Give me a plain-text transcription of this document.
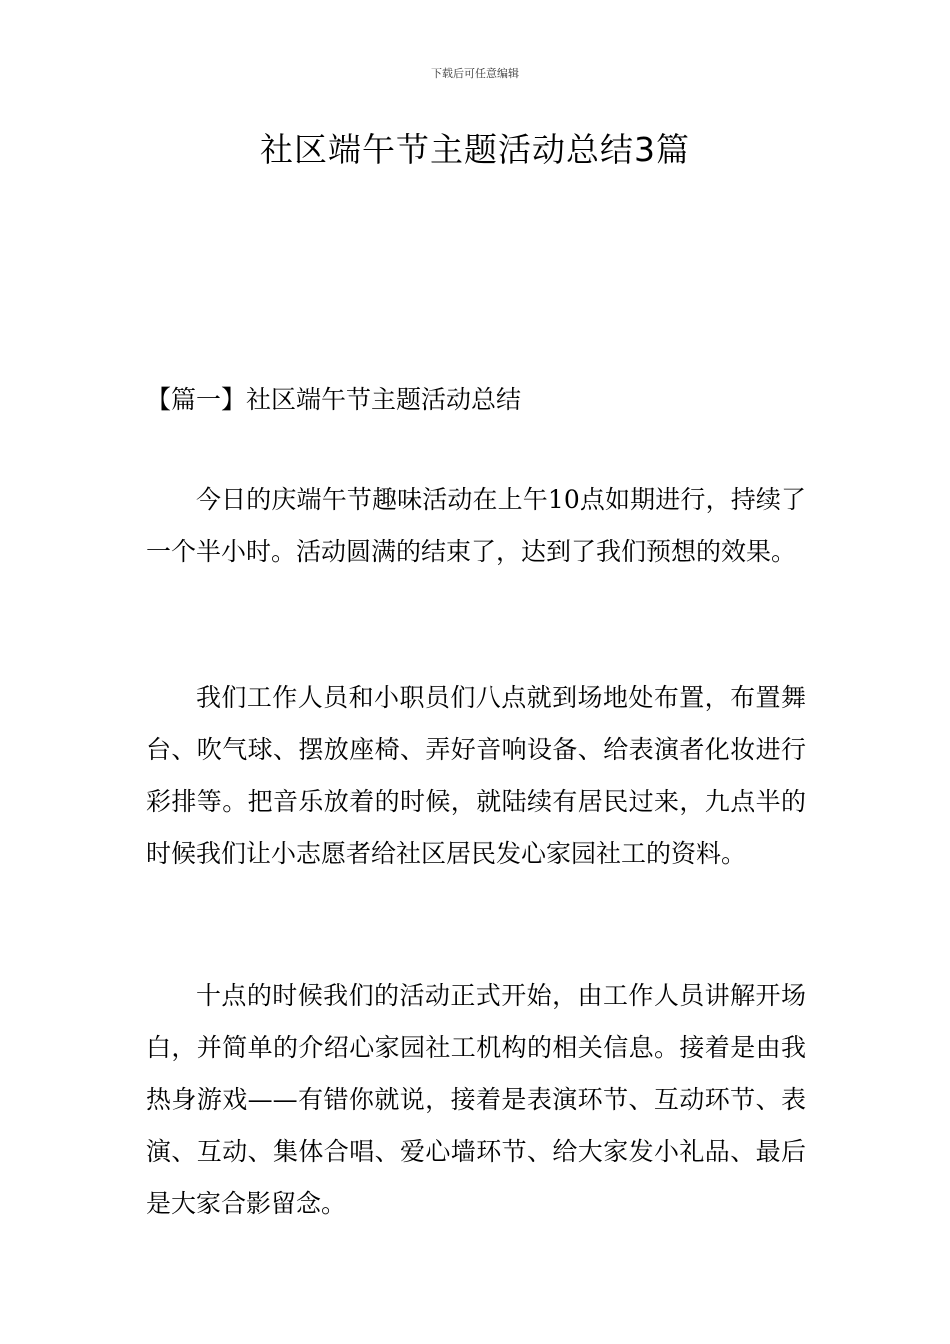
下载后可任意编辑
社区端午节主题活动总结3篇
【篇一】社区端午节主题活动总结

今日的庆端午节趣味活动在上午10点如期进行，持续了一个半小时。活动圆满的结束了，达到了我们预想的效果。

我们工作人员和小职员们八点就到场地处布置，布置舞台、吹气球、摆放座椅、弄好音响设备、给表演者化妆进行彩排等。把音乐放着的时候，就陆续有居民过来，九点半的时候我们让小志愿者给社区居民发心家园社工的资料。

十点的时候我们的活动正式开始，由工作人员讲解开场白，并简单的介绍心家园社工机构的相关信息。接着是由我热身游戏——有错你就说，接着是表演环节、互动环节、表演、互动、集体合唱、爱心墙环节、给大家发小礼品、最后是大家合影留念。
